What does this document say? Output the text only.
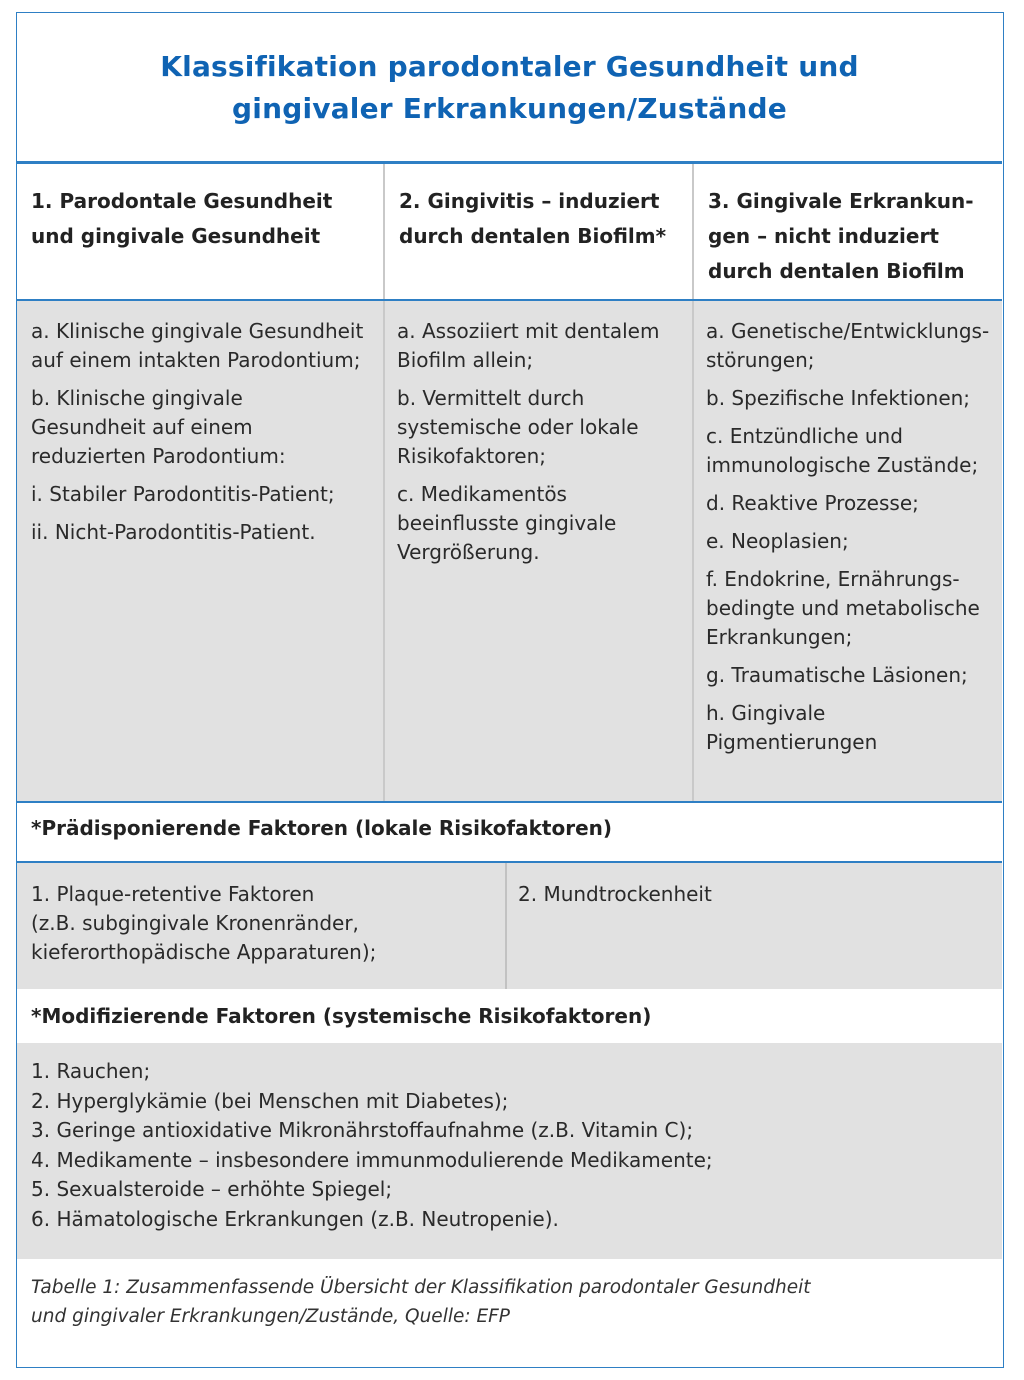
Klassifikation parodontaler Gesundheit und
gingivaler Erkrankungen/Zustände
1. Parodontale Gesundheit
und gingivale Gesundheit
2. Gingivitis – induziert
durch dentalen Biofilm*
3. Gingivale Erkrankun-
gen – nicht induziert
durch dentalen Biofilm
a. Klinische gingivale Gesundheit
auf einem intakten Parodontium;
b. Klinische gingivale
Gesundheit auf einem
reduzierten Parodontium:
i. Stabiler Parodontitis-Patient;
ii. Nicht-Parodontitis-Patient.
a. Assoziiert mit dentalem
Biofilm allein;
b. Vermittelt durch
systemische oder lokale
Risikofaktoren;
c. Medikamentös
beeinflusste gingivale
Vergrößerung.
a. Genetische/Entwicklungs-
störungen;
b. Spezifische Infektionen;
c. Entzündliche und
immunologische Zustände;
d. Reaktive Prozesse;
e. Neoplasien;
f. Endokrine, Ernährungs-
bedingte und metabolische
Erkrankungen;
g. Traumatische Läsionen;
h. Gingivale
Pigmentierungen
*Prädisponierende Faktoren (lokale Risikofaktoren)
1. Plaque-retentive Faktoren
(z.B. subgingivale Kronenränder,
kieferorthopädische Apparaturen);
2. Mundtrockenheit
*Modifizierende Faktoren (systemische Risikofaktoren)
1. Rauchen;
2. Hyperglykämie (bei Menschen mit Diabetes);
3. Geringe antioxidative Mikronährstoffaufnahme (z.B. Vitamin C);
4. Medikamente – insbesondere immunmodulierende Medikamente;
5. Sexualsteroide – erhöhte Spiegel;
6. Hämatologische Erkrankungen (z.B. Neutropenie).
Tabelle 1: Zusammenfassende Übersicht der Klassifikation parodontaler Gesundheit
und gingivaler Erkrankungen/Zustände, Quelle: EFP
